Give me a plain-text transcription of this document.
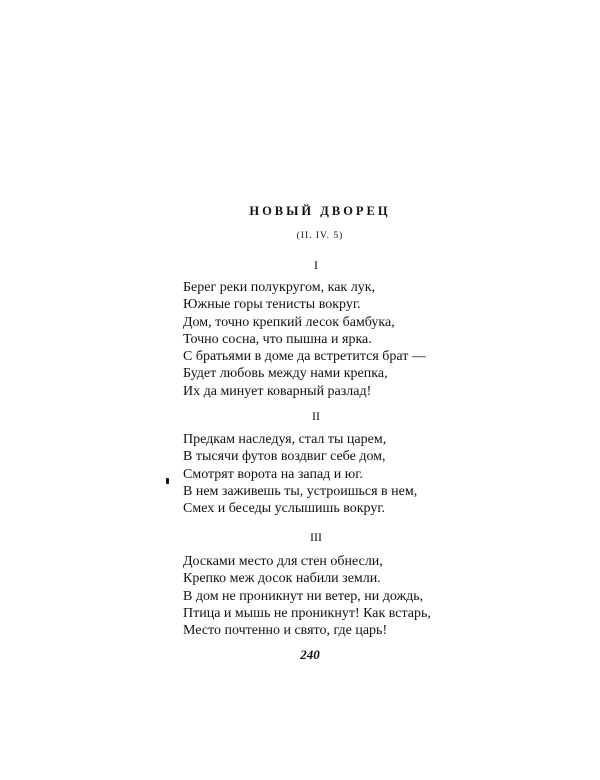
НОВЫЙ ДВОРЕЦ
(II. IV. 5)
I
Берег реки полукругом, как лук,
Южные горы тенисты вокруг.
Дом, точно крепкий лесок бамбука,
Точно сосна, что пышна и ярка.
С братьями в доме да встретится брат —
Будет любовь между нами крепка,
Их да минует коварный разлад!
II
Предкам наследуя, стал ты царем,
В тысячи футов воздвиг себе дом,
Смотрят ворота на запад и юг.
В нем заживешь ты, устроишься в нем,
Смех и беседы услышишь вокруг.
III
Досками место для стен обнесли,
Крепко меж досок набили земли.
В дом не проникнут ни ветер, ни дождь,
Птица и мышь не проникнут! Как встарь,
Место почтенно и свято, где царь!
240
